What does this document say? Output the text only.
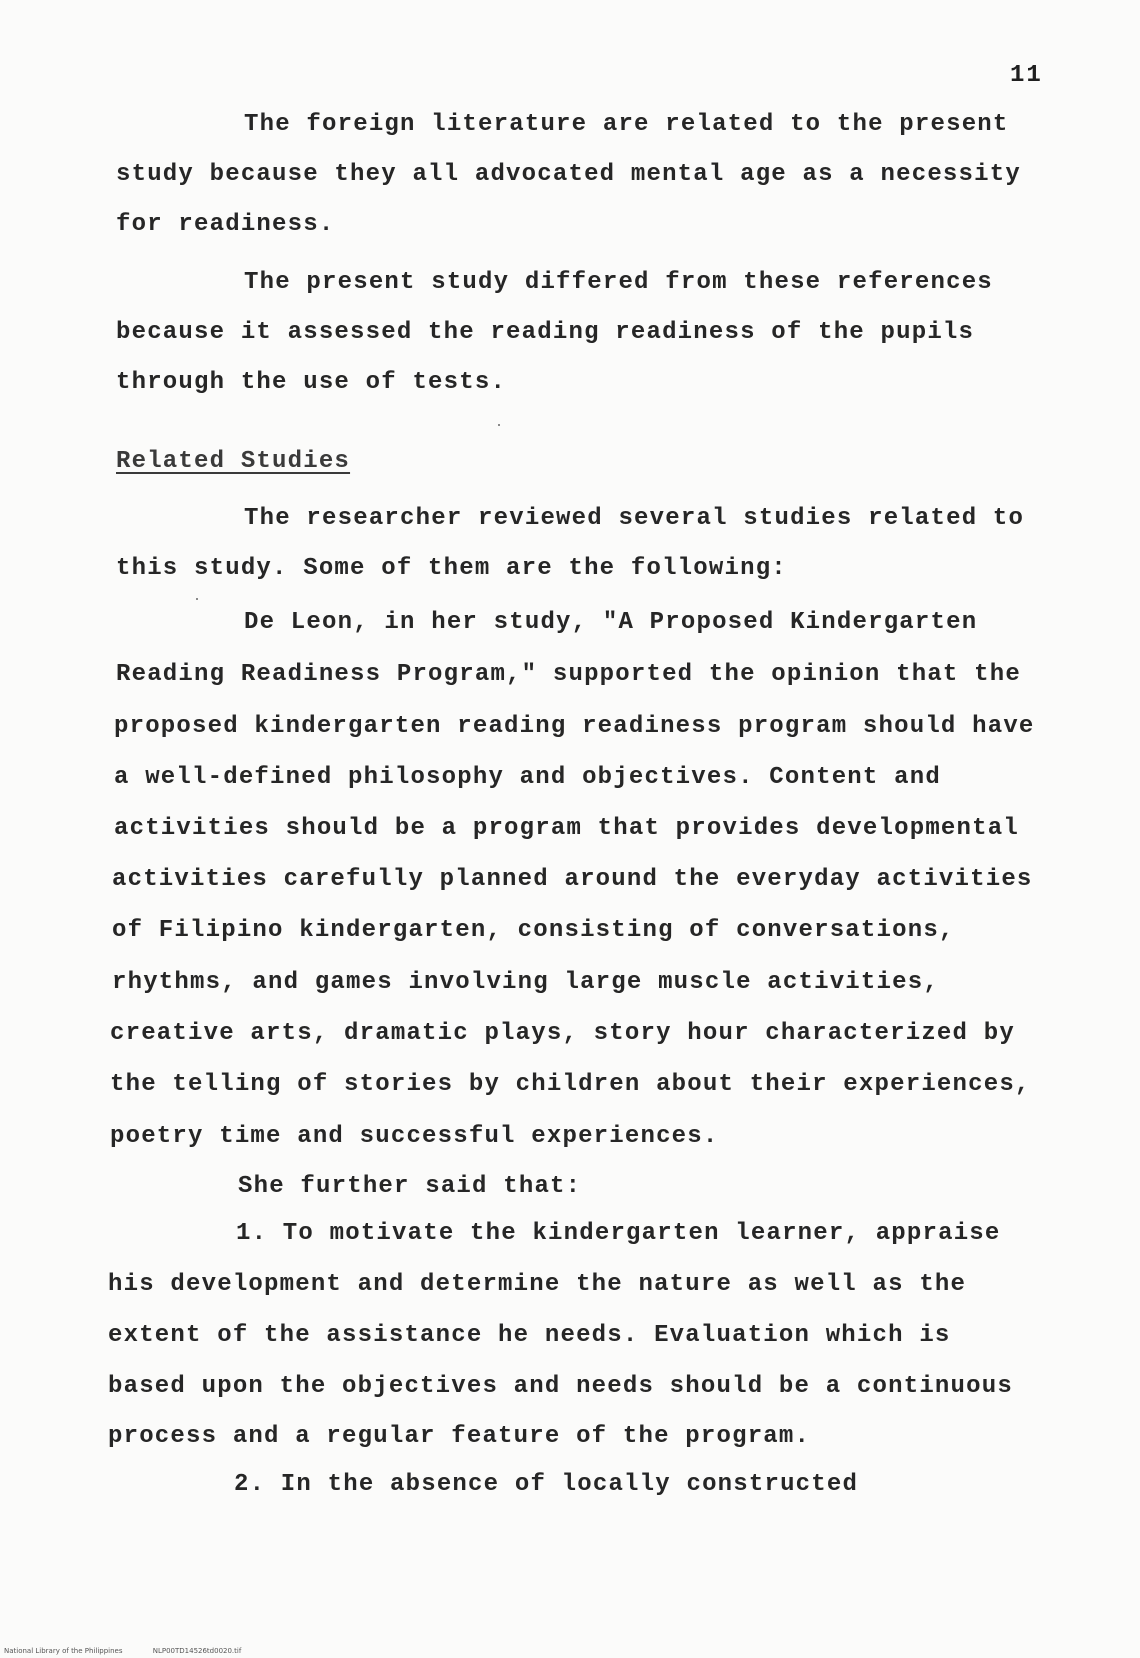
11
The foreign literature are related to the present
study because they all advocated mental age as a necessity
for readiness.
The present study differed from these references
because it assessed the reading readiness of the pupils
through the use of tests.
Related Studies
The researcher reviewed several studies related to
this study. Some of them are the following:
De Leon, in her study, "A Proposed Kindergarten
Reading Readiness Program," supported the opinion that the
proposed kindergarten reading readiness program should have
a well-defined philosophy and objectives. Content and
activities should be a program that provides developmental
activities carefully planned around the everyday activities
of Filipino kindergarten, consisting of conversations,
rhythms, and games involving large muscle activities,
creative arts, dramatic plays, story hour characterized by
the telling of stories by children about their experiences,
poetry time and successful experiences.
She further said that:
1. To motivate the kindergarten learner, appraise
his development and determine the nature as well as the
extent of the assistance he needs. Evaluation which is
based upon the objectives and needs should be a continuous
process and a regular feature of the program.
2. In the absence of locally constructed
National Library of the Philippines	NLP00TD14526td0020.tif
